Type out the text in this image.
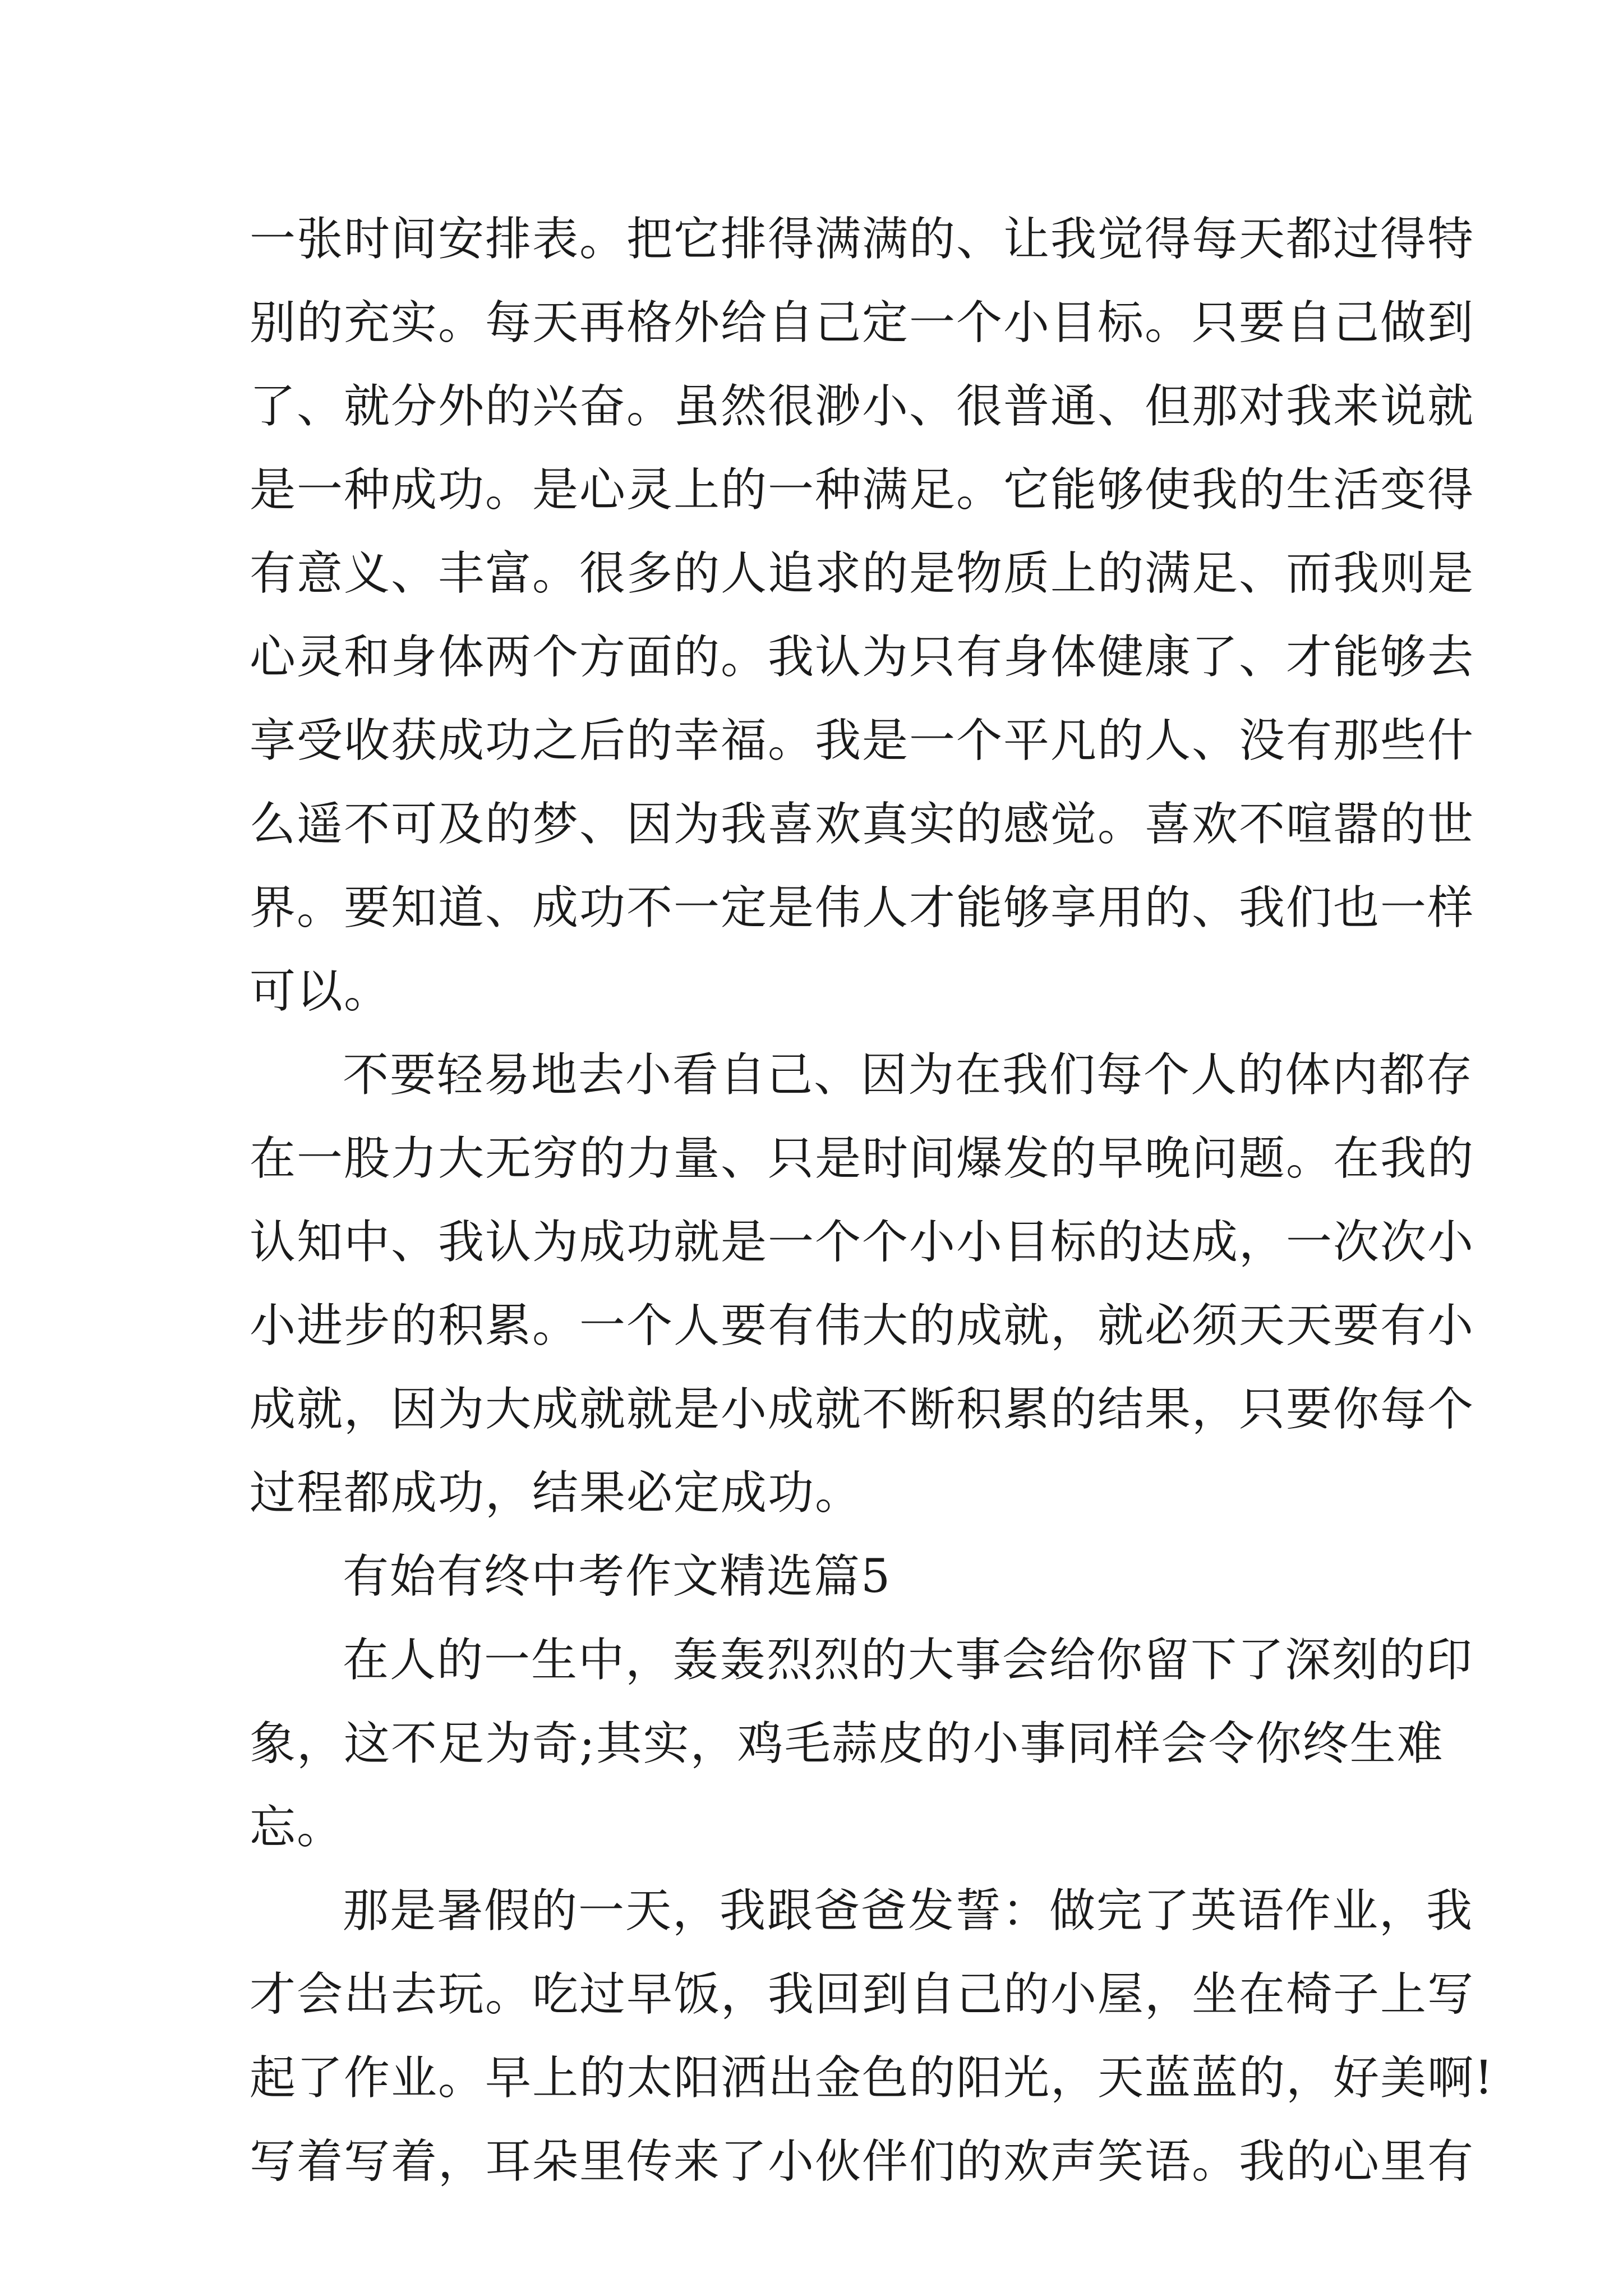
一张时间安排表。把它排得满满的、让我觉得每天都过得特
别的充实。每天再格外给自己定一个小目标。只要自己做到
了、就分外的兴奋。虽然很渺小、很普通、但那对我来说就
是一种成功。是心灵上的一种满足。它能够使我的生活变得
有意义、丰富。很多的人追求的是物质上的满足、而我则是
心灵和身体两个方面的。我认为只有身体健康了、才能够去
享受收获成功之后的幸福。我是一个平凡的人、没有那些什
么遥不可及的梦、因为我喜欢真实的感觉。喜欢不喧嚣的世
界。要知道、成功不一定是伟人才能够享用的、我们也一样
可以。
不要轻易地去小看自己、因为在我们每个人的体内都存
在一股力大无穷的力量、只是时间爆发的早晚问题。在我的
认知中、我认为成功就是一个个小小目标的达成，一次次小
小进步的积累。一个人要有伟大的成就，就必须天天要有小
成就，因为大成就就是小成就不断积累的结果，只要你每个
过程都成功，结果必定成功。
有始有终中考作文精选篇5
在人的一生中，轰轰烈烈的大事会给你留下了深刻的印
象，这不足为奇;其实，鸡毛蒜皮的小事同样会令你终生难
忘。
那是暑假的一天，我跟爸爸发誓：做完了英语作业，我
才会出去玩。吃过早饭，我回到自己的小屋，坐在椅子上写
起了作业。早上的太阳洒出金色的阳光，天蓝蓝的，好美啊!
写着写着，耳朵里传来了小伙伴们的欢声笑语。我的心里有
